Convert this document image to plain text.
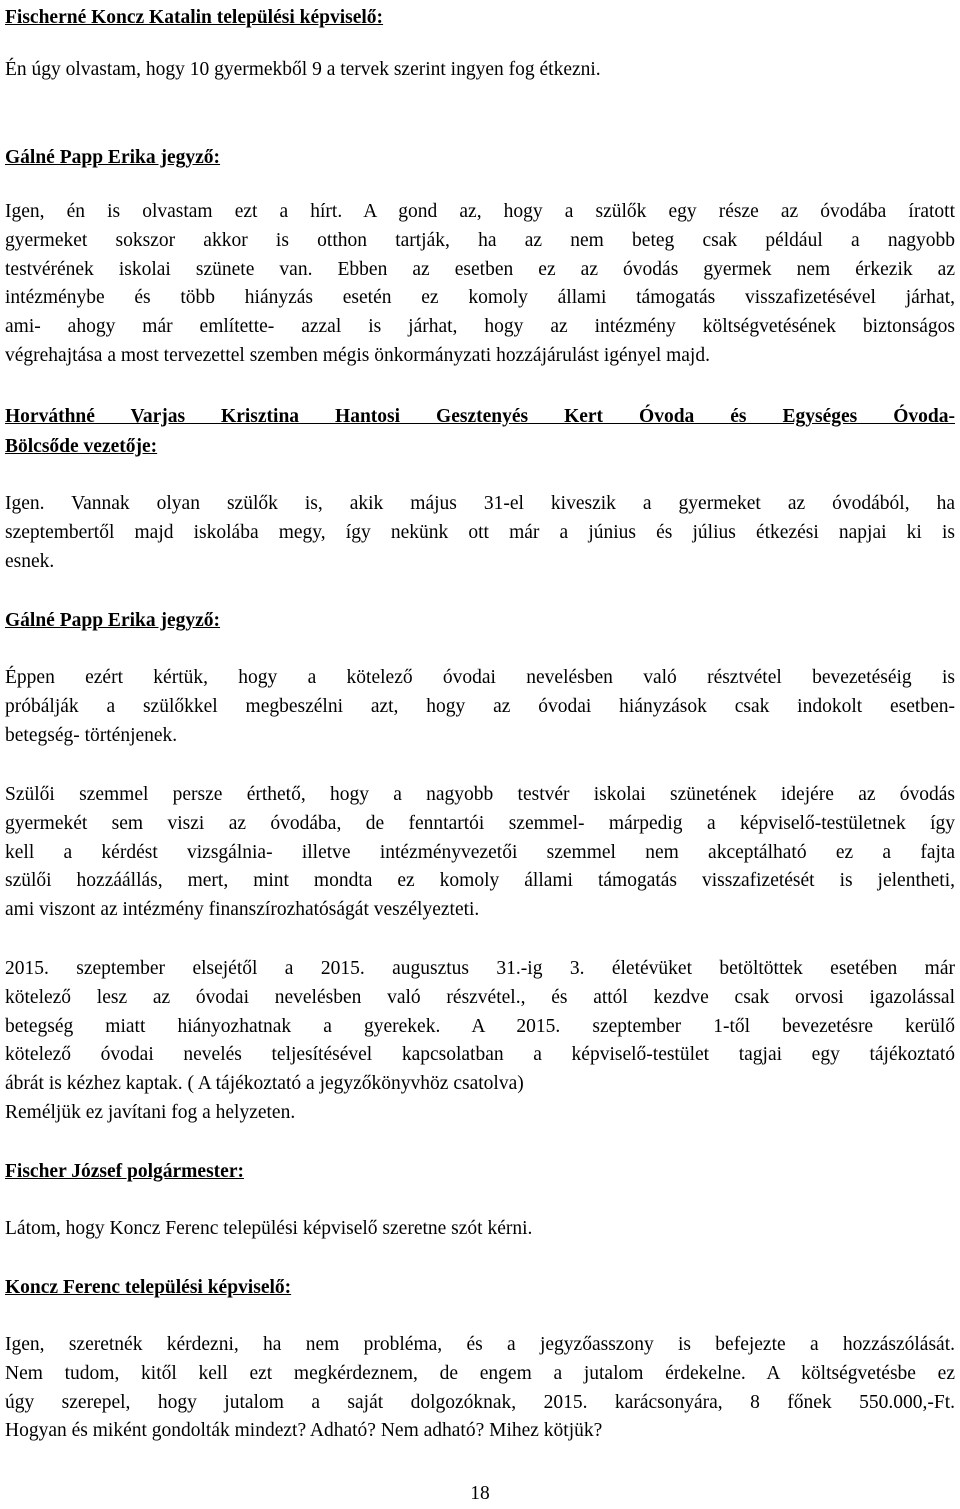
Fischerné Koncz Katalin települési képviselő:
Én úgy olvastam, hogy 10 gyermekből 9 a tervek szerint ingyen fog étkezni.
Gálné Papp Erika jegyző:
Igen, én is olvastam ezt a hírt. A gond az, hogy a szülők egy része az óvodába íratott
gyermeket sokszor akkor is otthon tartják, ha az nem beteg csak például a nagyobb
testvérének iskolai szünete van. Ebben az esetben ez az óvodás gyermek nem érkezik az
intézménybe és több hiányzás esetén ez komoly állami támogatás visszafizetésével járhat,
ami- ahogy már említette- azzal is járhat, hogy az intézmény költségvetésének biztonságos
végrehajtása a most tervezettel szemben mégis önkormányzati hozzájárulást igényel majd.
Horváthné Varjas Krisztina Hantosi Gesztenyés Kert Óvoda és Egységes Óvoda-
Bölcsőde vezetője:
Igen. Vannak olyan szülők is, akik május 31-el kiveszik a gyermeket az óvodából, ha
szeptembertől majd iskolába megy, így nekünk ott már a június és július étkezési napjai ki is
esnek.
Gálné Papp Erika jegyző:
Éppen ezért kértük, hogy a kötelező óvodai nevelésben való résztvétel bevezetéséig is
próbálják a szülőkkel megbeszélni azt, hogy az óvodai hiányzások csak indokolt esetben-
betegség- történjenek.
Szülői szemmel persze érthető, hogy a nagyobb testvér iskolai szünetének idejére az óvodás
gyermekét sem viszi az óvodába, de fenntartói szemmel- márpedig a képviselő-testületnek így
kell a kérdést vizsgálnia- illetve intézményvezetői szemmel nem akceptálható ez a fajta
szülői hozzáállás, mert, mint mondta ez komoly állami támogatás visszafizetését is jelentheti,
ami viszont az intézmény finanszírozhatóságát veszélyezteti.
2015. szeptember elsejétől a 2015. augusztus 31.-ig 3. életévüket betöltöttek esetében már
kötelező lesz az óvodai nevelésben való részvétel., és attól kezdve csak orvosi igazolással
betegség miatt hiányozhatnak a gyerekek. A 2015. szeptember 1-től bevezetésre kerülő
kötelező óvodai nevelés teljesítésével kapcsolatban a képviselő-testület tagjai egy tájékoztató
ábrát is kézhez kaptak. ( A tájékoztató a jegyzőkönyvhöz csatolva)
Reméljük ez javítani fog a helyzeten.
Fischer József polgármester:
Látom, hogy Koncz Ferenc települési képviselő szeretne szót kérni.
Koncz Ferenc települési képviselő:
Igen, szeretnék kérdezni, ha nem probléma, és a jegyzőasszony is befejezte a hozzászólását.
Nem tudom, kitől kell ezt megkérdeznem, de engem a jutalom érdekelne. A költségvetésbe ez
úgy szerepel, hogy jutalom a saját dolgozóknak, 2015. karácsonyára, 8 főnek 550.000,-Ft.
Hogyan és miként gondolták mindezt? Adható? Nem adható? Mihez kötjük?
18
